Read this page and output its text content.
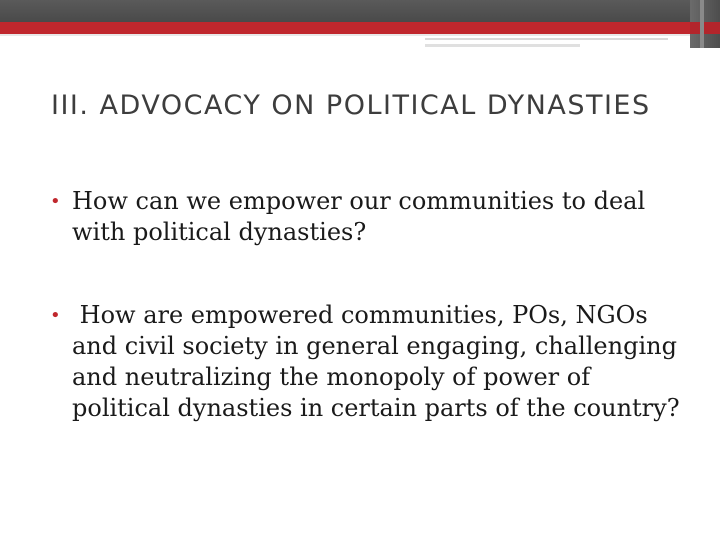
III. ADVOCACY ON POLITICAL DYNASTIES
• How can we empower our communities to deal with political dynasties?
• How are empowered communities, POs, NGOs and civil society in general engaging, challenging and neutralizing the monopoly of power of political dynasties in certain parts of the country?
